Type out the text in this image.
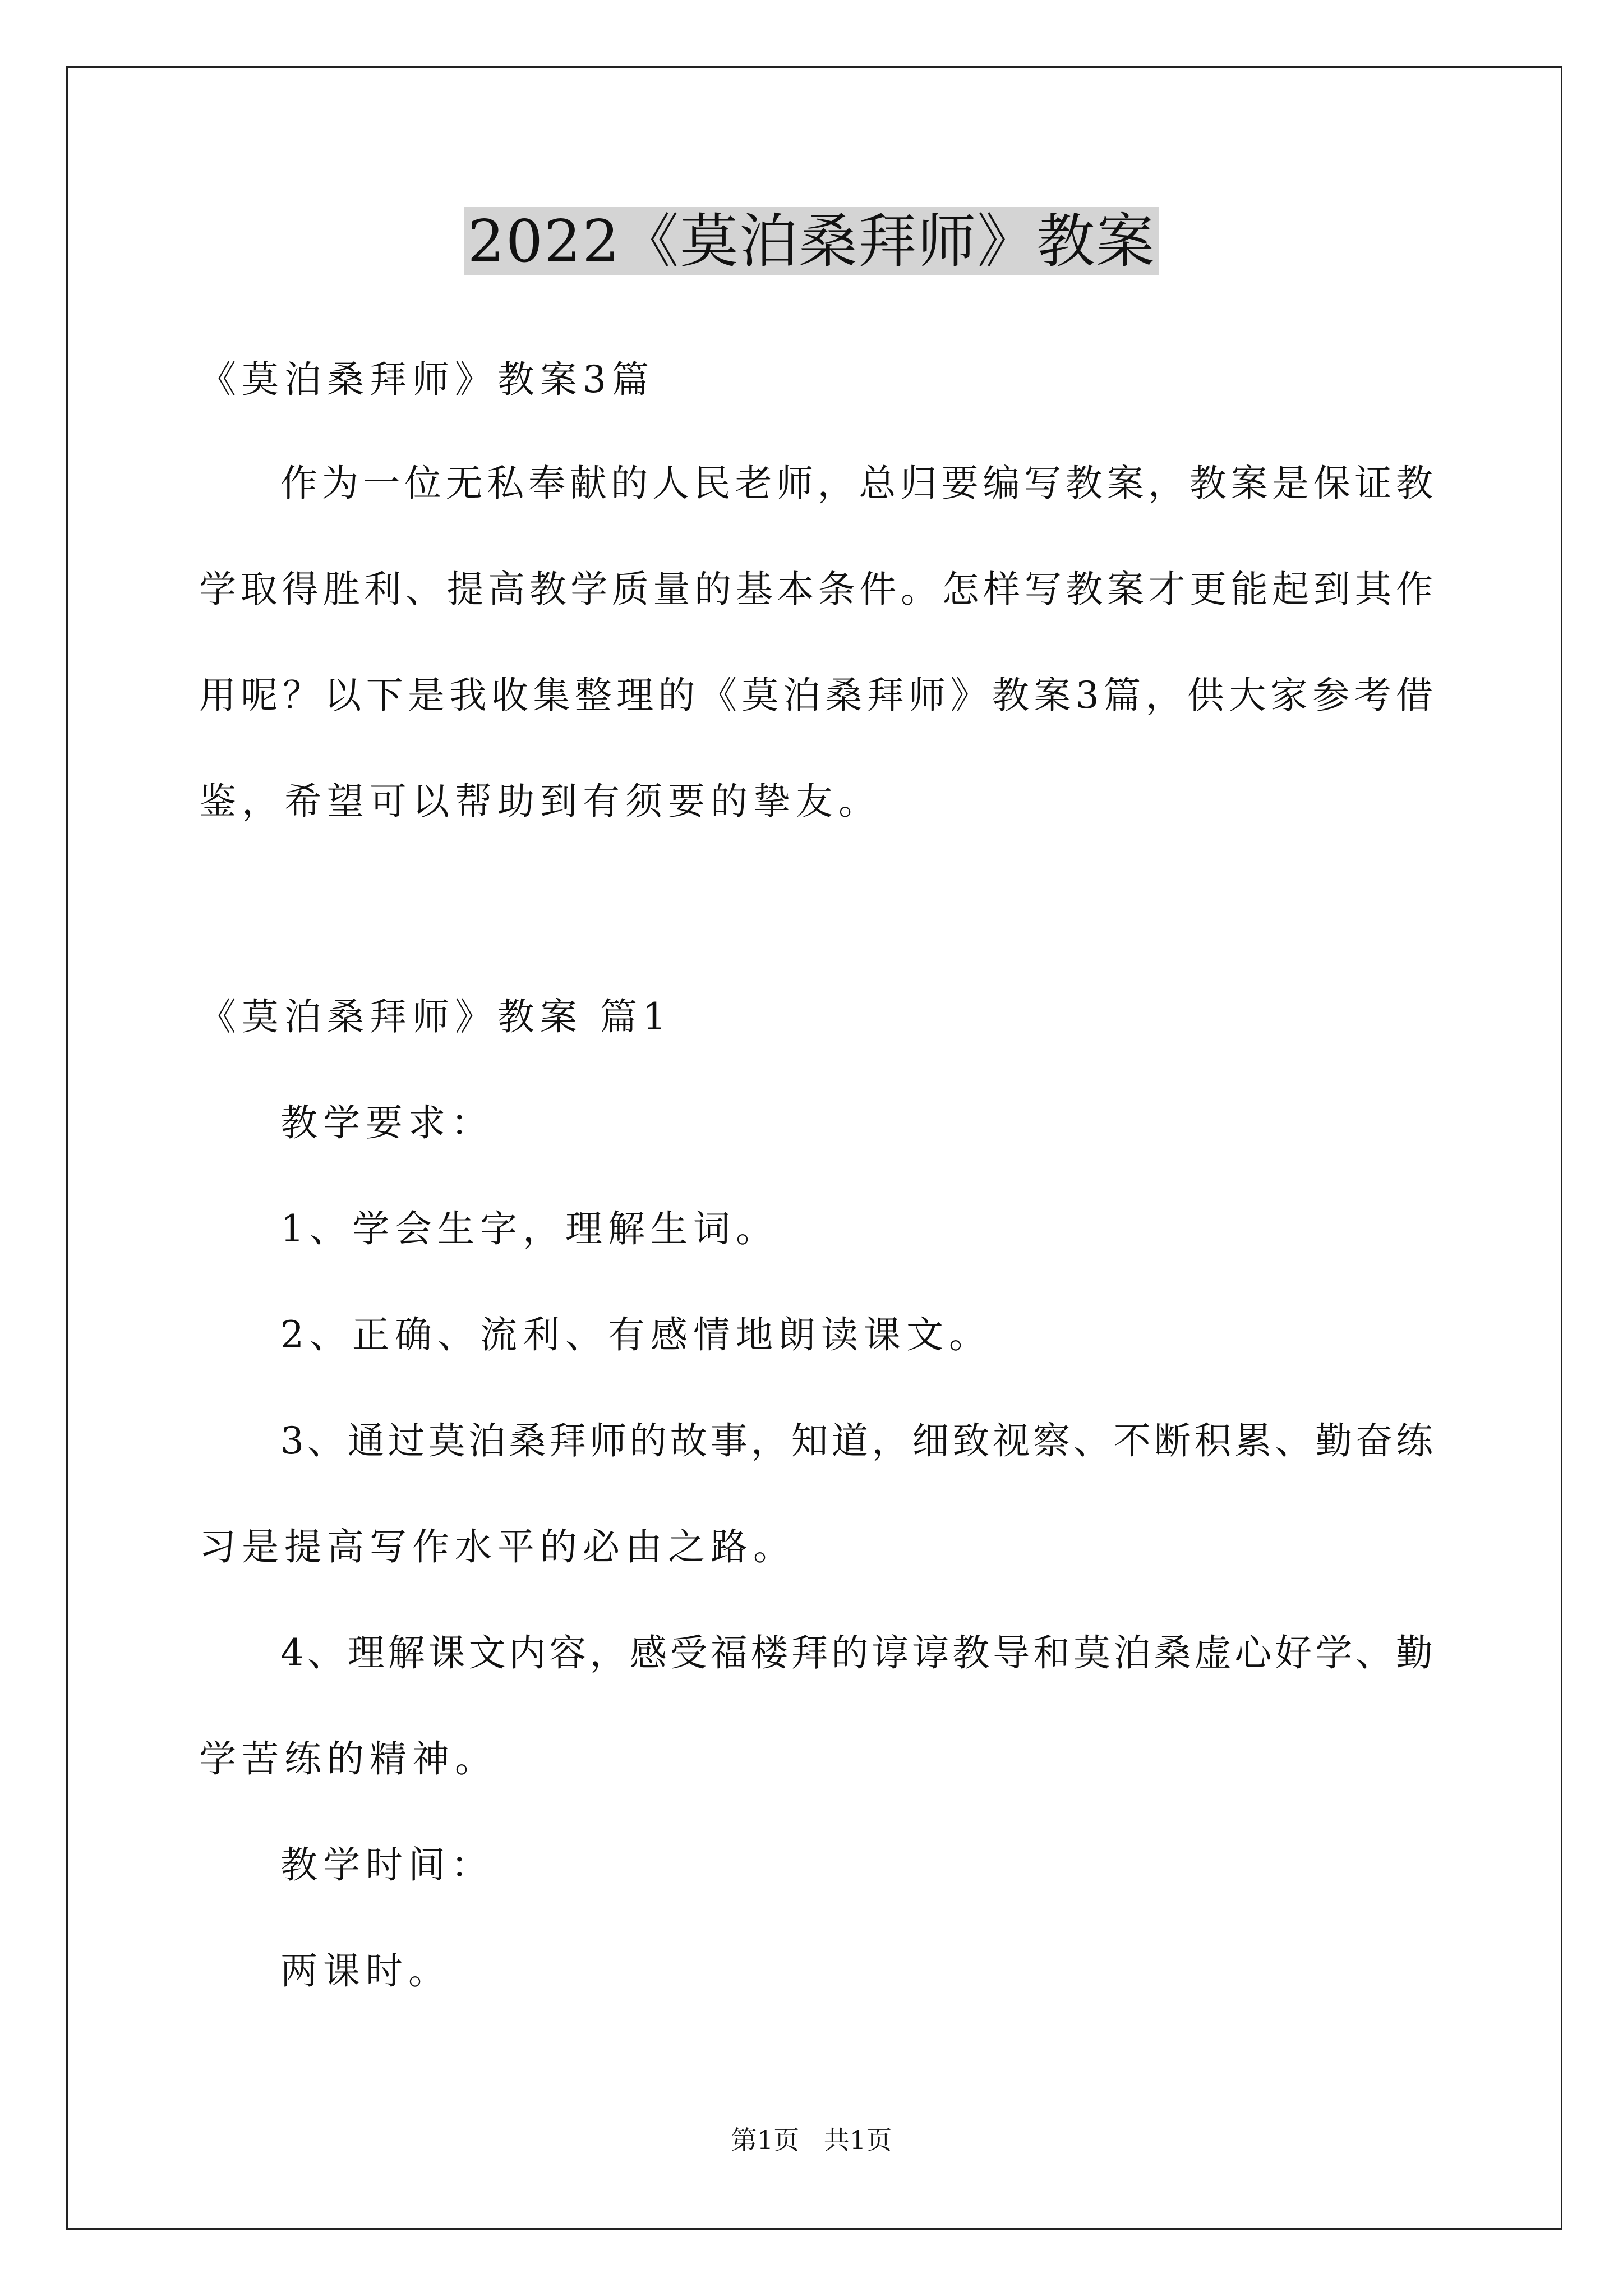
2022《莫泊桑拜师》教案
《莫泊桑拜师》教案3篇
作为一位无私奉献的人民老师，总归要编写教案，教案是保证教
学取得胜利、提高教学质量的基本条件。怎样写教案才更能起到其作
用呢？以下是我收集整理的《莫泊桑拜师》教案3篇，供大家参考借
鉴，希望可以帮助到有须要的挚友。
《莫泊桑拜师》教案 篇1
教学要求：
1、学会生字，理解生词。
2、正确、流利、有感情地朗读课文。
3、通过莫泊桑拜师的故事，知道，细致视察、不断积累、勤奋练
习是提高写作水平的必由之路。
4、理解课文内容，感受福楼拜的谆谆教导和莫泊桑虚心好学、勤
学苦练的精神。
教学时间：
两课时。
第1页   共1页
